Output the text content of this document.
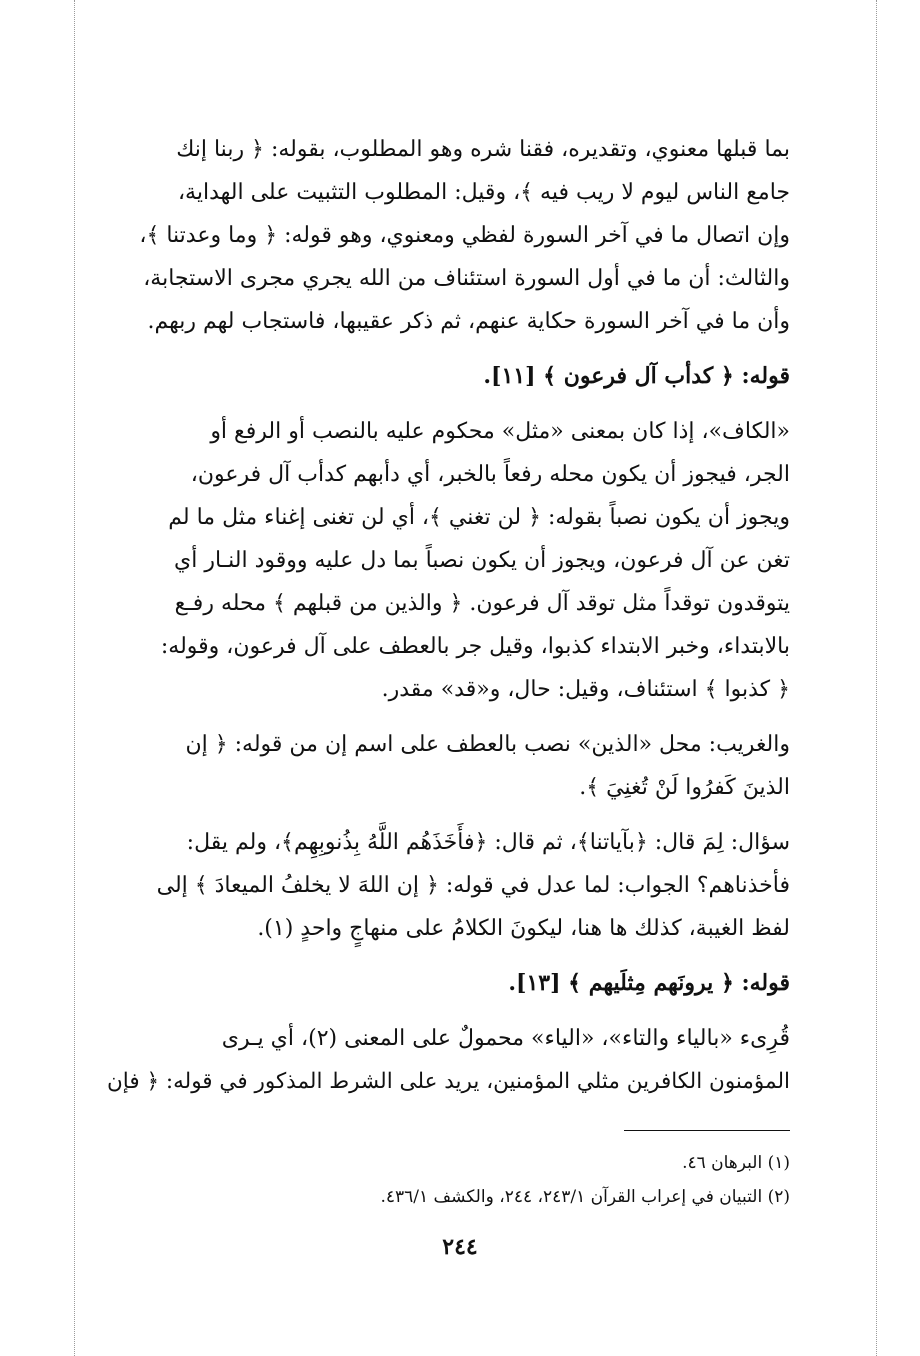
بما قبلها معنوي، وتقديره، فقنا شره وهو المطلوب، بقوله: ﴿ ربنا إنك
جامع الناس ليوم لا ريب فيه ﴾، وقيل: المطلوب التثبيت على الهداية،
وإن اتصال ما في آخر السورة لفظي ومعنوي، وهو قوله: ﴿ وما وعدتنا ﴾،
والثالث: أن ما في أول السورة استئناف من الله يجري مجرى الاستجابة،
وأن ما في آخر السورة حكاية عنهم، ثم ذكر عقيبها، فاستجاب لهم ربهم.
قوله: ﴿ كدأب آل فرعون ﴾ [١١].
«الكاف»، إذا كان بمعنى «مثل» محكوم عليه بالنصب أو الرفع أو
الجر، فيجوز أن يكون محله رفعاً بالخبر، أي دأبهم كدأب آل فرعون،
ويجوز أن يكون نصباً بقوله: ﴿ لن تغني ﴾، أي لن تغنى إغناء مثل ما لم
تغن عن آل فرعون، ويجوز أن يكون نصباً بما دل عليه ووقود النـار أي
يتوقدون توقداً مثل توقد آل فرعون. ﴿ والذين من قبلهم ﴾ محله رفـع
بالابتداء، وخبر الابتداء كذبوا، وقيل جر بالعطف على آل فرعون، وقوله:
﴿ كذبوا ﴾ استئناف، وقيل: حال، و«قد» مقدر.
والغريب: محل «الذين» نصب بالعطف على اسم إن من قوله: ﴿ إن
الذينَ كَفرُوا لَنْ تُغنِيَ ﴾.
سؤال: لِمَ قال: ﴿بآياتنا﴾، ثم قال: ﴿فأَخَذَهُم اللَّهُ بِذُنوبِهِم﴾، ولم يقل:
فأخذناهم؟ الجواب: لما عدل في قوله: ﴿ إن اللهَ لا يخلفُ الميعادَ ﴾ إلى
لفظ الغيبة، كذلك ها هنا، ليكونَ الكلامُ على منهاجٍ واحدٍ (١).
قوله: ﴿ يرونَهم مِثلَيهم ﴾ [١٣].
قُرِىء «بالياء والتاء»، «الياء» محمولٌ على المعنى (٢)، أي يـرى
المؤمنون الكافرين مثلي المؤمنين، يريد على الشرط المذكور في قوله: ﴿ فإن
(١) البرهان ٤٦.
(٢) التبيان في إعراب القرآن ٢٤٣/١، ٢٤٤، والكشف ٤٣٦/١.
٢٤٤
